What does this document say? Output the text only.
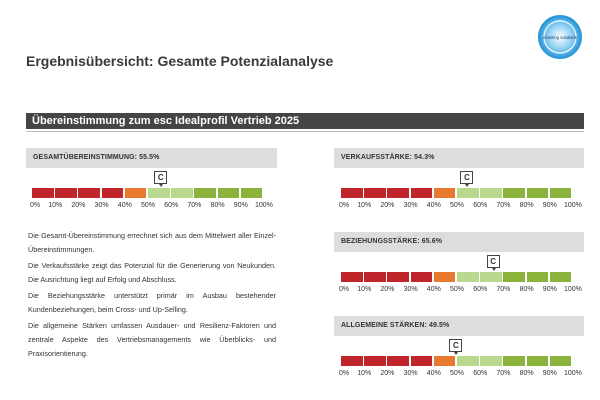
ecruiting solutions
Ergebnisübersicht: Gesamte Potenzialanalyse
Übereinstimmung zum esc Idealprofil Vertrieb 2025
GESAMTÜBEREINSTIMMUNG: 55.5%
C
0% 10% 20% 30% 40% 50% 60% 70% 80% 90% 100%
VERKAUFSSTÄRKE: 54.3%
C
0% 10% 20% 30% 40% 50% 60% 70% 80% 90% 100%
BEZIEHUNGSSTÄRKE: 65.6%
C
0% 10% 20% 30% 40% 50% 60% 70% 80% 90% 100%
ALLGEMEINE STÄRKEN: 49.5%
C
0% 10% 20% 30% 40% 50% 60% 70% 80% 90% 100%

Die Gesamt-Übereinstimmung errechnet sich aus dem Mittelwert aller Einzel-Übereinstimmungen.

Die Verkaufsstärke zeigt das Potenzial für die Generierung von Neukunden. Die Ausrichtung liegt auf Erfolg und Abschluss.

Die Beziehungsstärke unterstützt primär im Ausbau bestehender Kundenbeziehungen, beim Cross- und Up-Selling.

Die allgemeine Stärken umfassen Ausdauer- und Resilienz-Faktoren und zentrale Aspekte des Vertriebsmanagements wie Überblicks- und Praxisorientierung.
